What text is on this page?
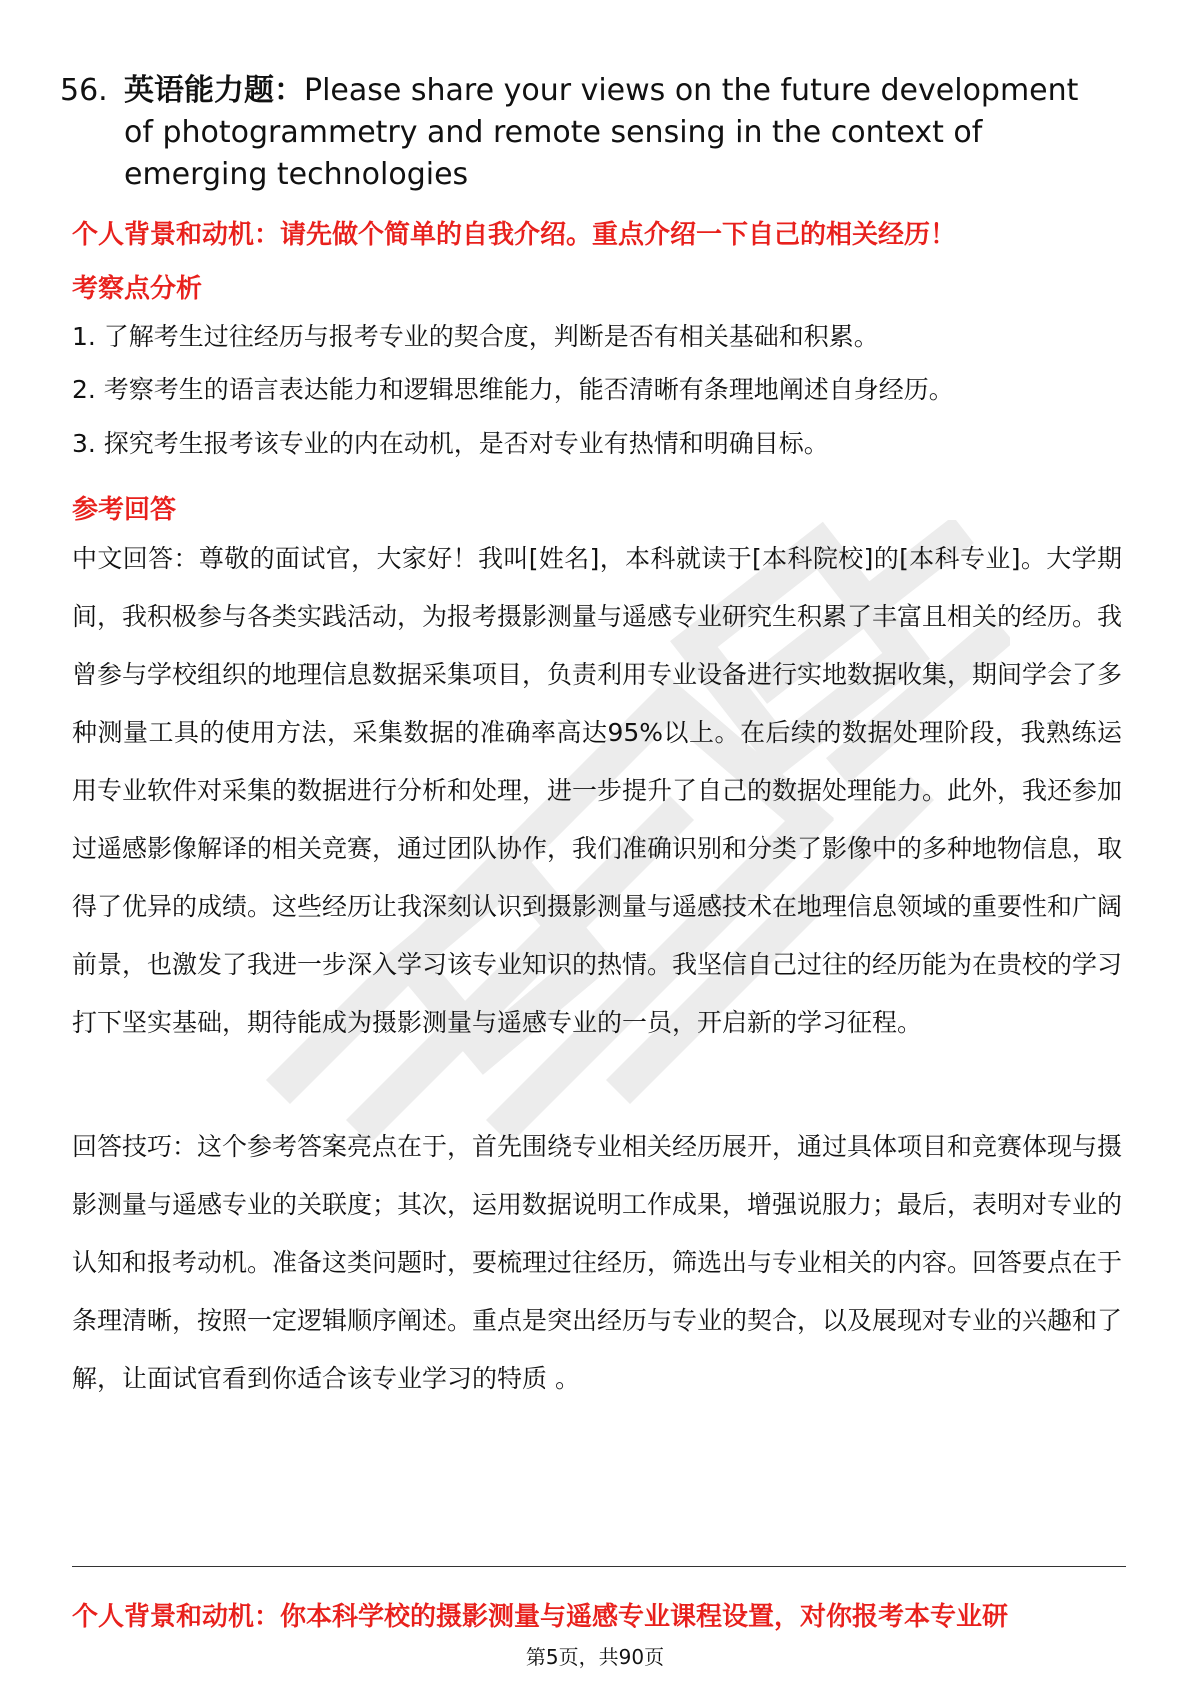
56. 英语能力题：Please share your views on the future development of photogrammetry and remote sensing in the context of emerging technologies
个人背景和动机：请先做个简单的自我介绍。重点介绍一下自己的相关经历！
考察点分析
1. 了解考生过往经历与报考专业的契合度，判断是否有相关基础和积累。
2. 考察考生的语言表达能力和逻辑思维能力，能否清晰有条理地阐述自身经历。
3. 探究考生报考该专业的内在动机，是否对专业有热情和明确目标。
参考回答

中文回答：尊敬的面试官，大家好！我叫[姓名]，本科就读于[本科院校]的[本科专业]。大学期间，我积极参与各类实践活动，为报考摄影测量与遥感专业研究生积累了丰富且相关的经历。我曾参与学校组织的地理信息数据采集项目，负责利用专业设备进行实地数据收集，期间学会了多种测量工具的使用方法，采集数据的准确率高达95%以上。在后续的数据处理阶段，我熟练运用专业软件对采集的数据进行分析和处理，进一步提升了自己的数据处理能力。此外，我还参加过遥感影像解译的相关竞赛，通过团队协作，我们准确识别和分类了影像中的多种地物信息，取得了优异的成绩。这些经历让我深刻认识到摄影测量与遥感技术在地理信息领域的重要性和广阔前景，也激发了我进一步深入学习该专业知识的热情。我坚信自己过往的经历能为在贵校的学习打下坚实基础，期待能成为摄影测量与遥感专业的一员，开启新的学习征程。

回答技巧：这个参考答案亮点在于，首先围绕专业相关经历展开，通过具体项目和竞赛体现与摄影测量与遥感专业的关联度；其次，运用数据说明工作成果，增强说服力；最后，表明对专业的认知和报考动机。准备这类问题时，要梳理过往经历，筛选出与专业相关的内容。回答要点在于条理清晰，按照一定逻辑顺序阐述。重点是突出经历与专业的契合，以及展现对专业的兴趣和了解，让面试官看到你适合该专业学习的特质 。

个人背景和动机：你本科学校的摄影测量与遥感专业课程设置，对你报考本专业研
第5页，共90页
